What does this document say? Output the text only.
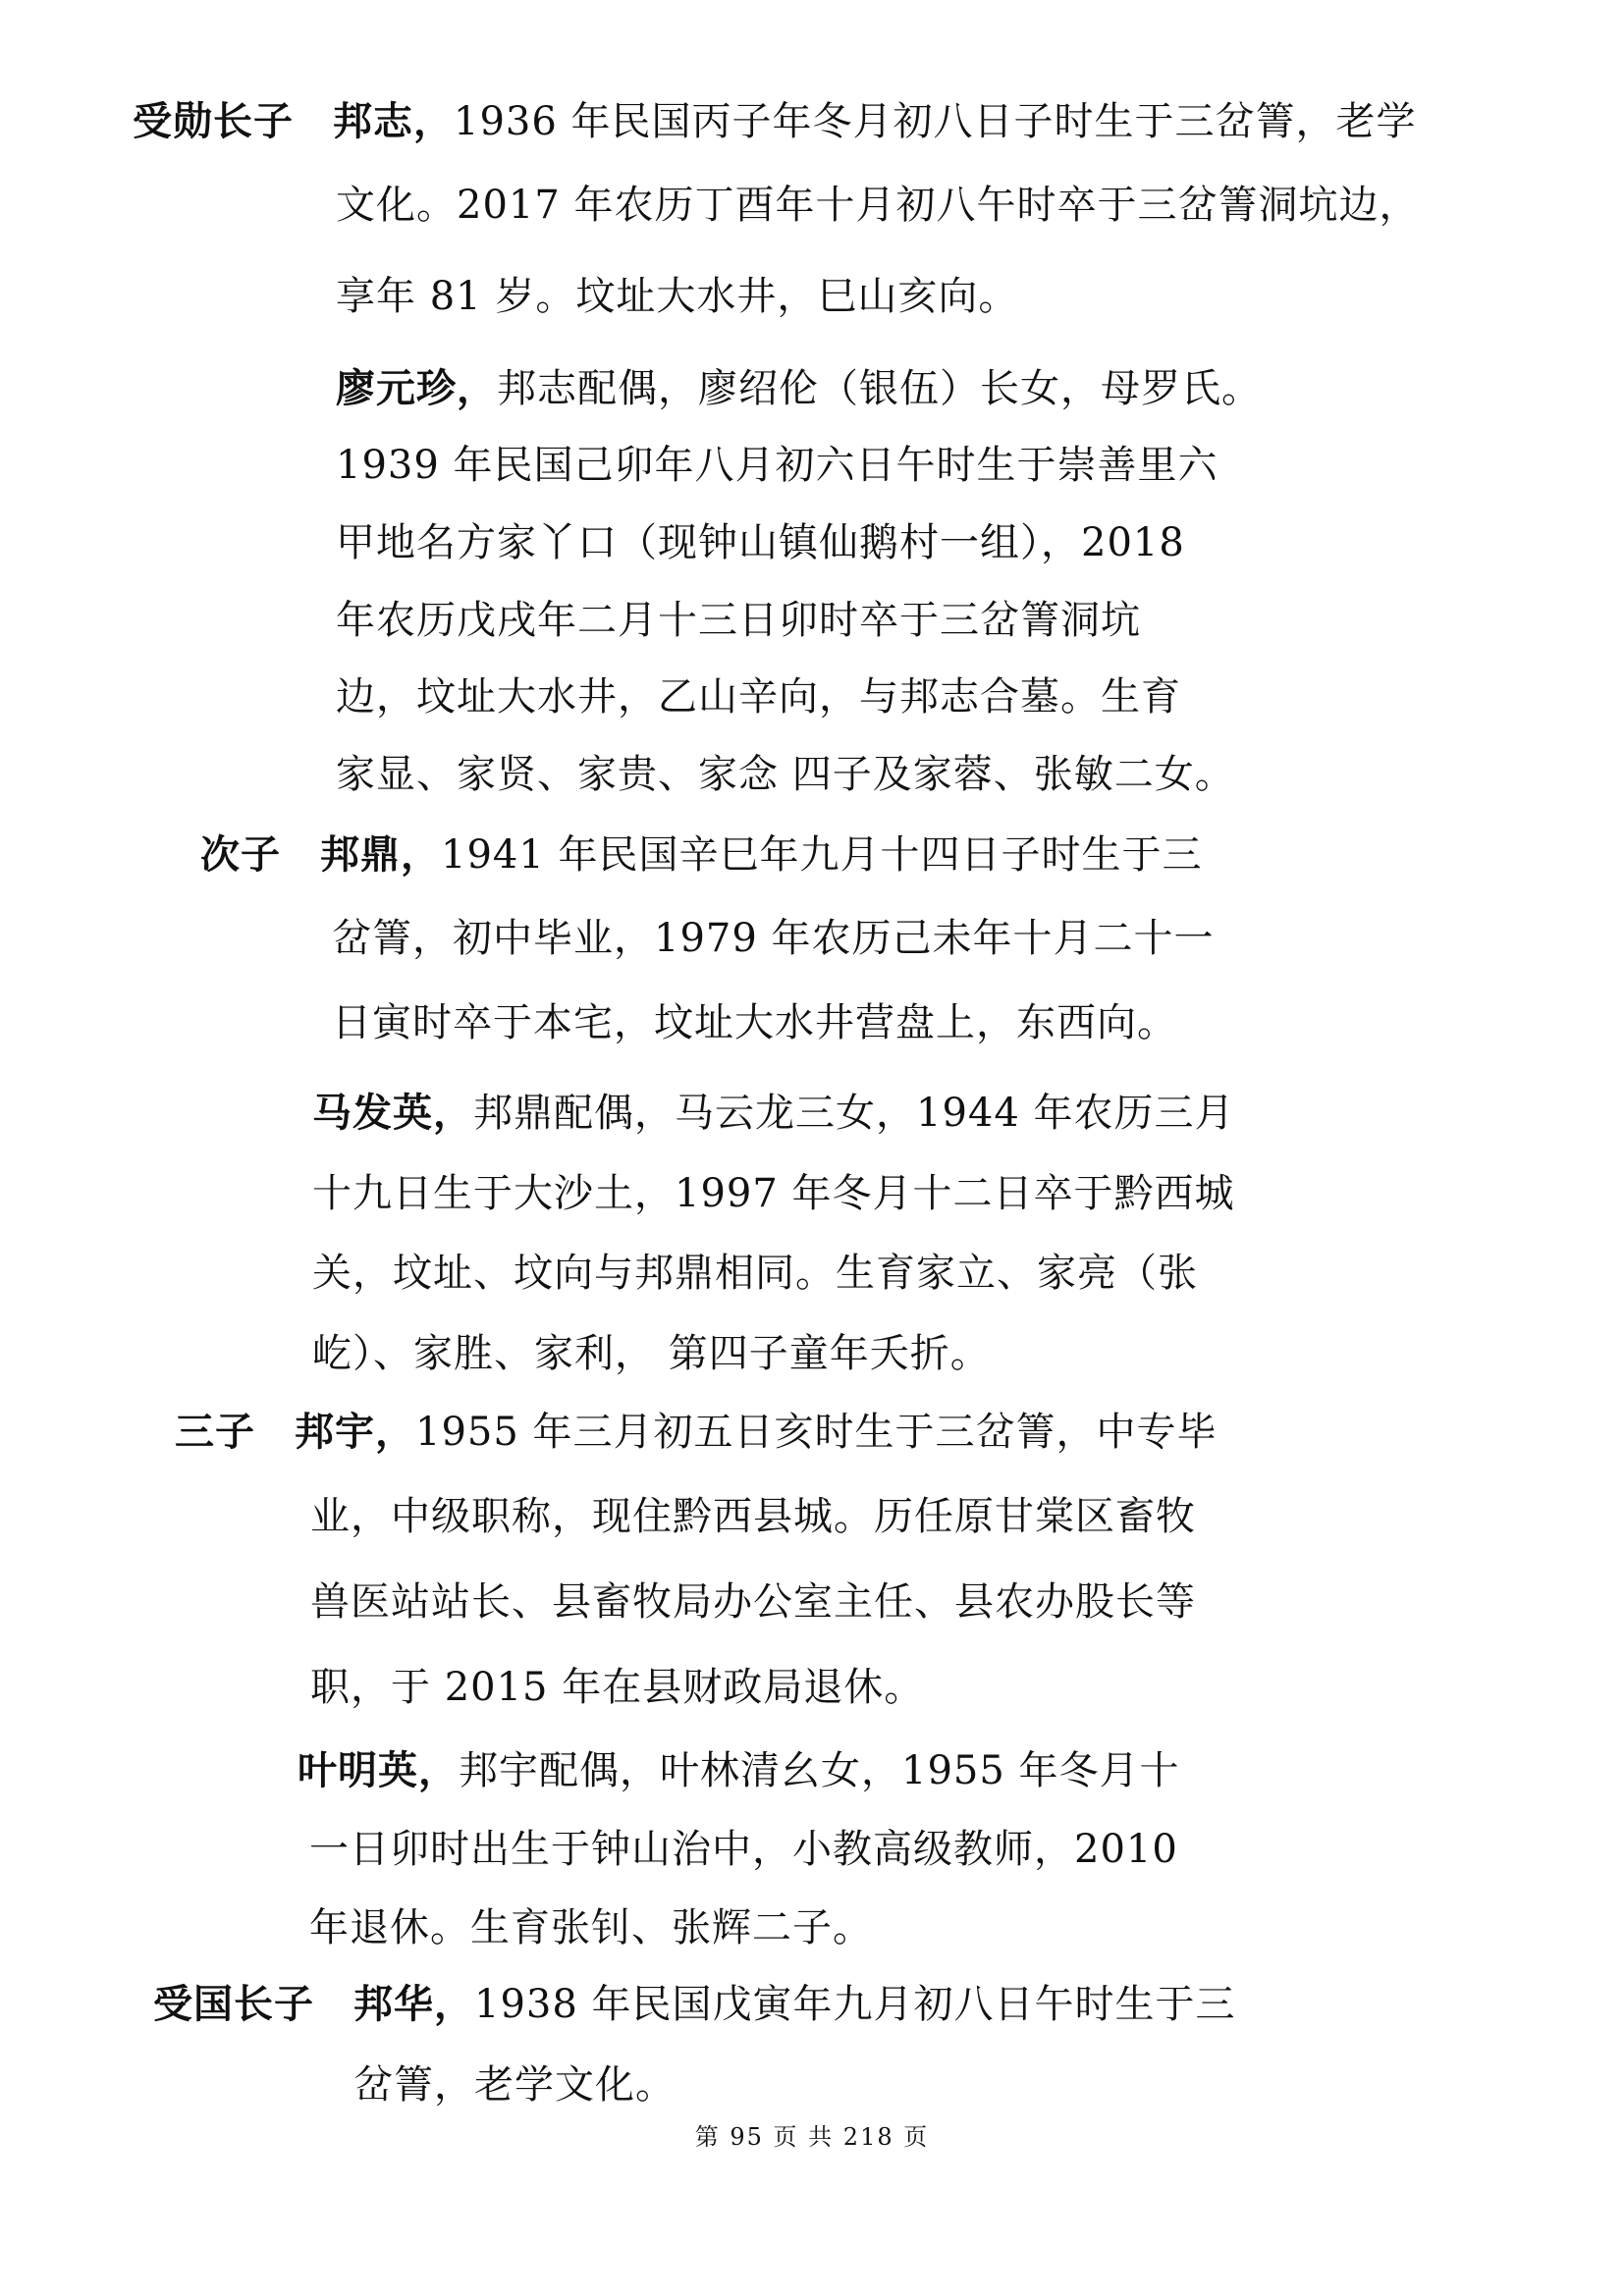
受勋长子 邦志，1936 年民国丙子年冬月初八日子时生于三岔箐，老学
文化。2017 年农历丁酉年十月初八午时卒于三岔箐洞坑边，
享年 81 岁。坟址大水井，巳山亥向。
廖元珍，邦志配偶，廖绍伦（银伍）长女，母罗氏。
1939 年民国己卯年八月初六日午时生于崇善里六
甲地名方家丫口（现钟山镇仙鹅村一组），2018
年农历戊戌年二月十三日卯时卒于三岔箐洞坑
边，坟址大水井，乙山辛向，与邦志合墓。生育
家显、家贤、家贵、家念 四子及家蓉、张敏二女。
次子 邦鼎，1941 年民国辛巳年九月十四日子时生于三
岔箐，初中毕业，1979 年农历己未年十月二十一
日寅时卒于本宅，坟址大水井营盘上，东西向。
马发英，邦鼎配偶，马云龙三女，1944 年农历三月
十九日生于大沙土，1997 年冬月十二日卒于黔西城
关，坟址、坟向与邦鼎相同。生育家立、家亮（张
屹）、家胜、家利， 第四子童年夭折。
三子 邦宇，1955 年三月初五日亥时生于三岔箐，中专毕
业，中级职称，现住黔西县城。历任原甘棠区畜牧
兽医站站长、县畜牧局办公室主任、县农办股长等
职，于 2015 年在县财政局退休。
叶明英，邦宇配偶，叶林清幺女，1955 年冬月十
一日卯时出生于钟山治中，小教高级教师，2010
年退休。生育张钊、张辉二子。
受国长子 邦华，1938 年民国戊寅年九月初八日午时生于三
岔箐，老学文化。
第 95 页 共 218 页
